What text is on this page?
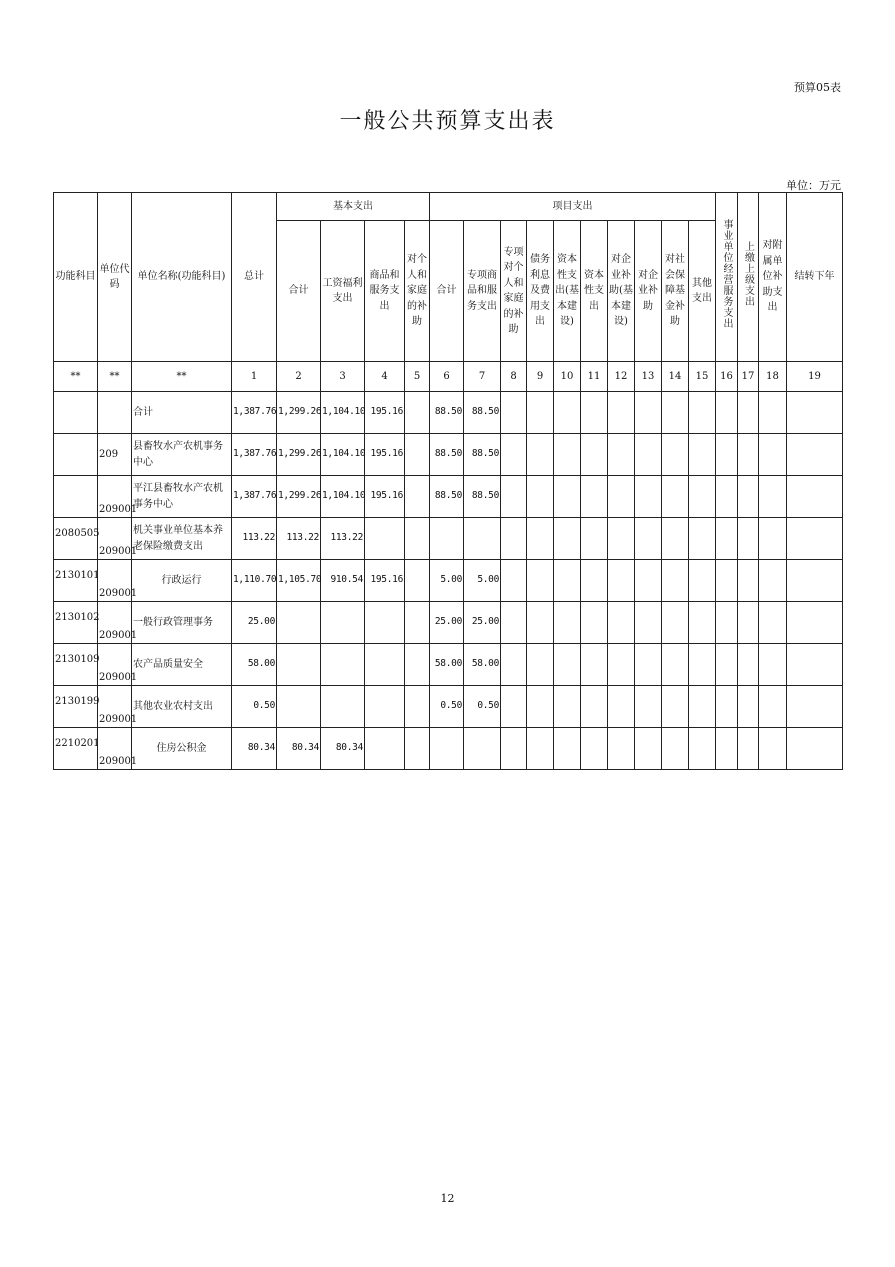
预算05表
一般公共预算支出表
单位：万元
功能科目	单位代码	单位名称(功能科目)	总计	基本支出				项目支出										事业单位经营服务支出	上缴上级支出	对附属单位补助支出	结转下年
				合计	工资福利支出	商品和服务支出	对个人和家庭的补助	合计	专项商品和服务支出	专项对个人和家庭的补助	债务利息及费用支出	资本性支出(基本建设)	资本性支出	对企业补助(基本建设)	对企业补助	对社会保障基金补助	其他支出				
**	**	**	1	2	3	4	5	6	7	8	9	10	11	12	13	14	15	16	17	18	19
		合计	1,387.76	1,299.26	1,104.10	195.16		88.50	88.50												
	209	县畜牧水产农机事务中心	1,387.76	1,299.26	1,104.10	195.16		88.50	88.50												
	209001	平江县畜牧水产农机事务中心	1,387.76	1,299.26	1,104.10	195.16		88.50	88.50												
2080505	209001	机关事业单位基本养老保险缴费支出	113.22	113.22	113.22																
2130101	209001	行政运行	1,110.70	1,105.70	910.54	195.16		5.00	5.00												
2130102	209001	一般行政管理事务	25.00					25.00	25.00												
2130109	209001	农产品质量安全	58.00					58.00	58.00												
2130199	209001	其他农业农村支出	0.50					0.50	0.50												
2210201	209001	住房公积金	80.34	80.34	80.34																
12
